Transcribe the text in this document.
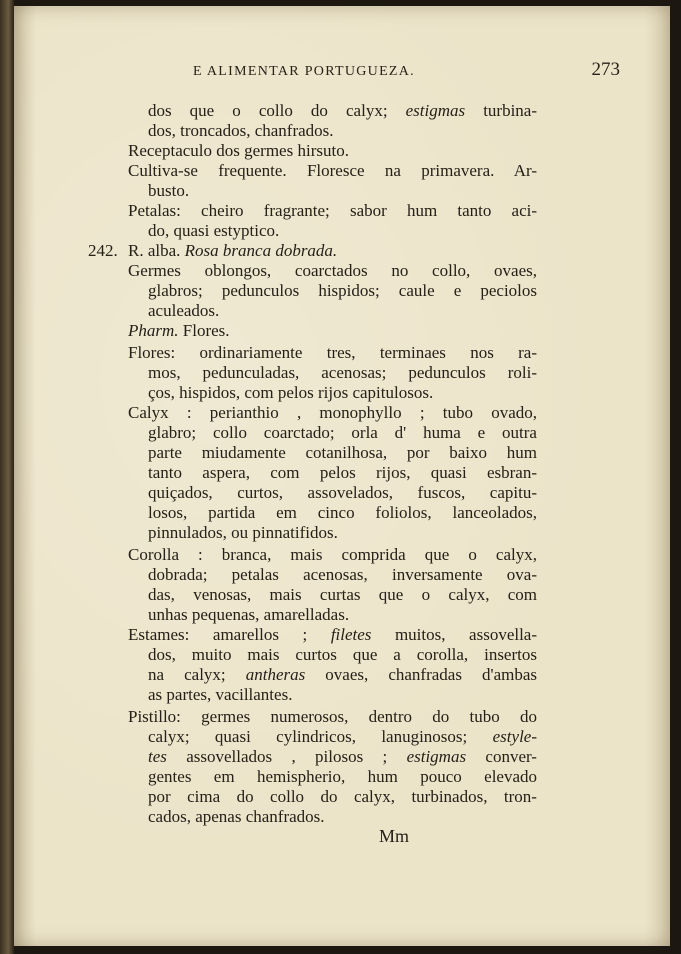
E ALIMENTAR PORTUGUEZA.	273
dos que o collo do calyx; estigmas turbina-
dos, troncados, chanfrados.
Receptaculo dos germes hirsuto.
Cultiva-se frequente. Floresce na primavera. Ar-
busto.
Petalas: cheiro fragrante; sabor hum tanto aci-
do, quasi estyptico.
R. alba. Rosa branca dobrada.
242.
Germes oblongos, coarctados no collo, ovaes,
glabros; pedunculos hispidos; caule e peciolos
aculeados.
Pharm. Flores.
Flores: ordinariamente tres, terminaes nos ra-
mos, pedunculadas, acenosas; pedunculos roli-
ços, hispidos, com pelos rijos capitulosos.
Calyx : perianthio , monophyllo ; tubo ovado,
glabro; collo coarctado; orla d' huma e outra
parte miudamente cotanilhosa, por baixo hum
tanto aspera, com pelos rijos, quasi esbran-
quiçados, curtos, assovelados, fuscos, capitu-
losos, partida em cinco foliolos, lanceolados,
pinnulados, ou pinnatifidos.
Corolla : branca, mais comprida que o calyx,
dobrada; petalas acenosas, inversamente ova-
das, venosas, mais curtas que o calyx, com
unhas pequenas, amarelladas.
Estames: amarellos ; filetes muitos, assovella-
dos, muito mais curtos que a corolla, insertos
na calyx; antheras ovaes, chanfradas d'ambas
as partes, vacillantes.
Pistillo: germes numerosos, dentro do tubo do
calyx; quasi cylindricos, lanuginosos; estyle-
tes assovellados , pilosos ; estigmas conver-
gentes em hemispherio, hum pouco elevado
por cima do collo do calyx, turbinados, tron-
cados, apenas chanfrados.
Mm
